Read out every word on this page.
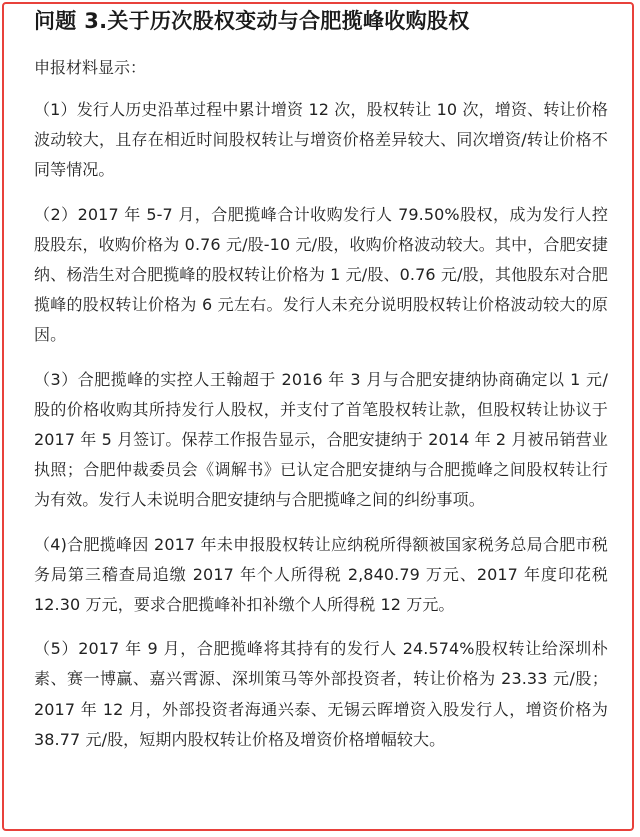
问题 3.关于历次股权变动与合肥揽峰收购股权
申报材料显示：
（1）发行人历史沿革过程中累计增资 12 次，股权转让 10 次，增资、转让价格波动较大，且存在相近时间股权转让与增资价格差异较大、同次增资/转让价格不同等情况。
（2）2017 年 5-7 月，合肥揽峰合计收购发行人 79.50%股权，成为发行人控股股东，收购价格为 0.76 元/股-10 元/股，收购价格波动较大。其中，合肥安捷纳、杨浩生对合肥揽峰的股权转让价格为 1 元/股、0.76 元/股，其他股东对合肥揽峰的股权转让价格为 6 元左右。发行人未充分说明股权转让价格波动较大的原因。
（3）合肥揽峰的实控人王翰超于 2016 年 3 月与合肥安捷纳协商确定以 1 元/股的价格收购其所持发行人股权，并支付了首笔股权转让款，但股权转让协议于 2017 年 5 月签订。保荐工作报告显示，合肥安捷纳于 2014 年 2 月被吊销营业执照；合肥仲裁委员会《调解书》已认定合肥安捷纳与合肥揽峰之间股权转让行为有效。发行人未说明合肥安捷纳与合肥揽峰之间的纠纷事项。
（4)合肥揽峰因 2017 年未申报股权转让应纳税所得额被国家税务总局合肥市税务局第三稽查局追缴 2017 年个人所得税 2,840.79 万元、2017 年度印花税 12.30 万元，要求合肥揽峰补扣补缴个人所得税 12 万元。
（5）2017 年 9 月，合肥揽峰将其持有的发行人 24.574%股权转让给深圳朴素、赛一博赢、嘉兴霄源、深圳策马等外部投资者，转让价格为 23.33 元/股；2017 年 12 月，外部投资者海通兴泰、无锡云晖增资入股发行人，增资价格为 38.77 元/股，短期内股权转让价格及增资价格增幅较大。
